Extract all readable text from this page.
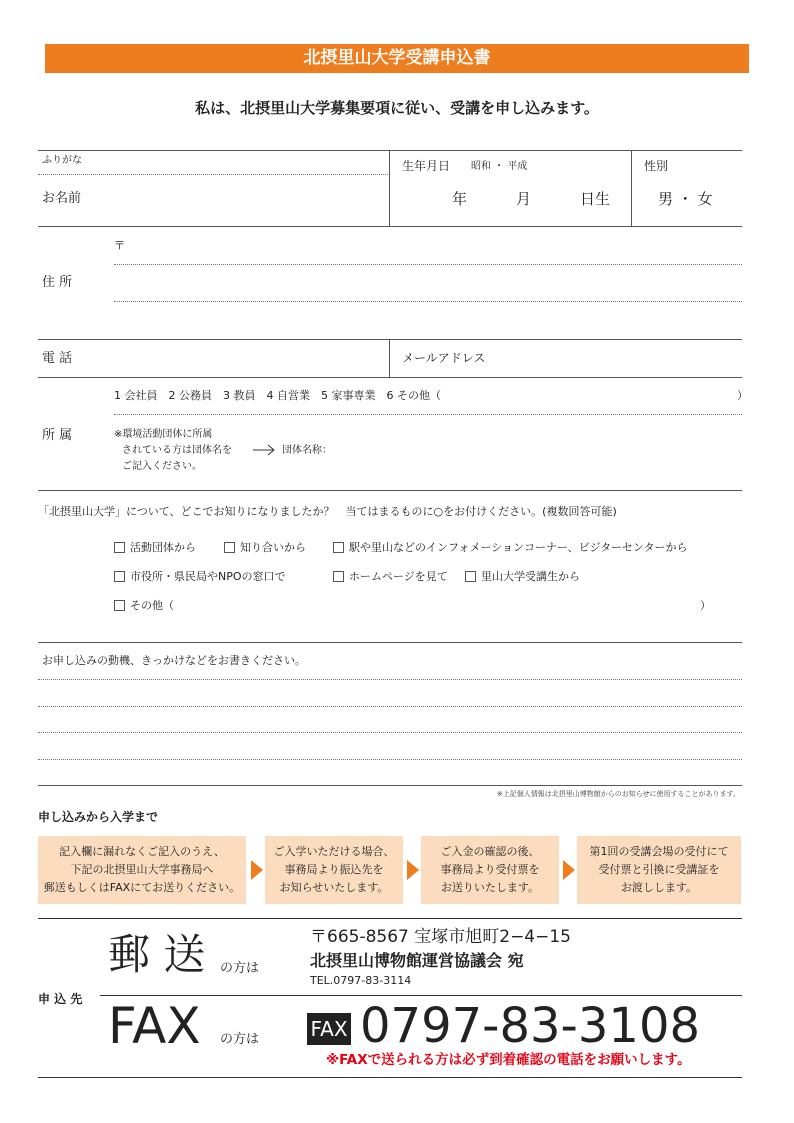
北摂里山大学受講申込書
私は、北摂里山大学募集要項に従い、受講を申し込みます。
ふりがな
お名前
生年月日 昭和 ・ 平成
年	月	日生
性別
男 ・ 女
〒
住 所
電 話	メールアドレス
1 会社員　2 公務員　3 教員　4 自営業　5 家事専業　6 その他（	）
所 属	※環境活動団体に所属
されている方は団体名を
ご記入ください。
団体名称：
「北摂里山大学」について、どこでお知りになりましたか？　当てはまるものに○をお付けください。(複数回答可能)
活動団体から	知り合いから	駅や里山などのインフォメーションコーナー、ビジターセンターから
市役所・県民局やNPOの窓口で	ホームページを見て	里山大学受講生から
その他（	）
お申し込みの動機、きっかけなどをお書きください。
※上記個人情報は北摂里山博物館からのお知らせに使用することがあります。
申し込みから入学まで
記入欄に漏れなくご記入のうえ、
下記の北摂里山大学事務局へ
郵送もしくはFAXにてお送りください。
ご入学いただける場合、
事務局より振込先を
お知らせいたします。
ご入金の確認の後、
事務局より受付票を
お送りいたします。
第1回の受講会場の受付にて
受付票と引換に受講証を
お渡しします。
申 込 先
郵 送 の方は
〒665-8567 宝塚市旭町2−4−15
北摂里山博物館運営協議会 宛
TEL.0797-83-3114
FAX の方は	FAX 0797-83-3108
※FAXで送られる方は必ず到着確認の電話をお願いします。
